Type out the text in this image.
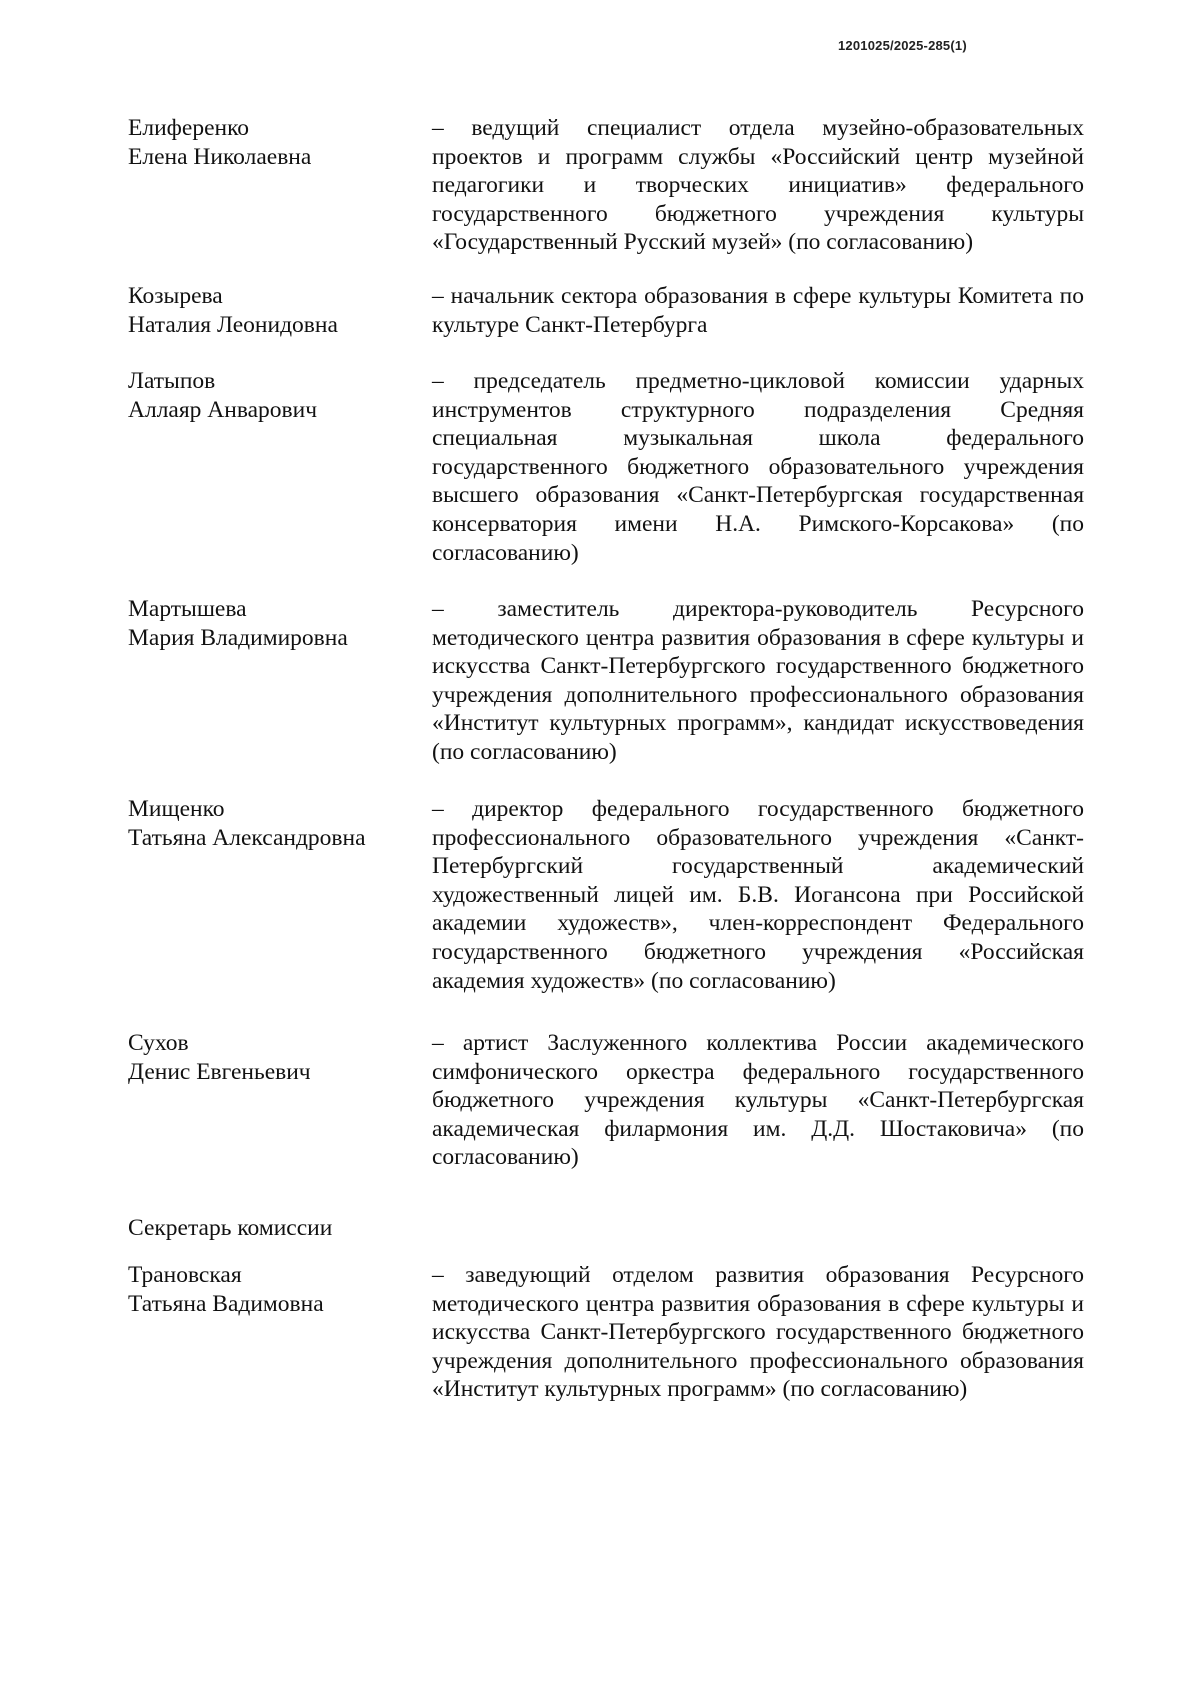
1201025/2025-285(1)
Елиференко
Елена Николаевна

– ведущий специалист отдела музейно-образовательных проектов и программ службы «Российский центр музейной педагогики и творческих инициатив» федерального государственного бюджетного учреждения культуры «Государственный Русский музей» (по согласованию)

Козырева
Наталия Леонидовна

– начальник сектора образования в сфере культуры Комитета по культуре Санкт-Петербурга

Латыпов
Аллаяр Анварович

– председатель предметно-цикловой комиссии ударных инструментов структурного подразделения Средняя специальная музыкальная школа федерального государственного бюджетного образовательного учреждения высшего образования «Санкт-Петербургская государственная консерватория имени Н.А. Римского-Корсакова» (по согласованию)

Мартышева
Мария Владимировна

– заместитель директора-руководитель Ресурсного методического центра развития образования в сфере культуры и искусства Санкт-Петербургского государственного бюджетного учреждения дополнительного профессионального образования «Институт культурных программ», кандидат искусствоведения (по согласованию)

Мищенко
Татьяна Александровна

– директор федерального государственного бюджетного профессионального образовательного учреждения «Санкт-Петербургский государственный академический художественный лицей им. Б.В. Иогансона при Российской академии художеств», член-корреспондент Федерального государственного бюджетного учреждения «Российская академия художеств» (по согласованию)

Сухов
Денис Евгеньевич

– артист Заслуженного коллектива России академического симфонического оркестра федерального государственного бюджетного учреждения культуры «Санкт-Петербургская академическая филармония им. Д.Д. Шостаковича» (по согласованию)

Секретарь комиссии
Трановская
Татьяна Вадимовна

– заведующий отделом развития образования Ресурсного методического центра развития образования в сфере культуры и искусства Санкт-Петербургского государственного бюджетного учреждения дополнительного профессионального образования «Институт культурных программ» (по согласованию)
